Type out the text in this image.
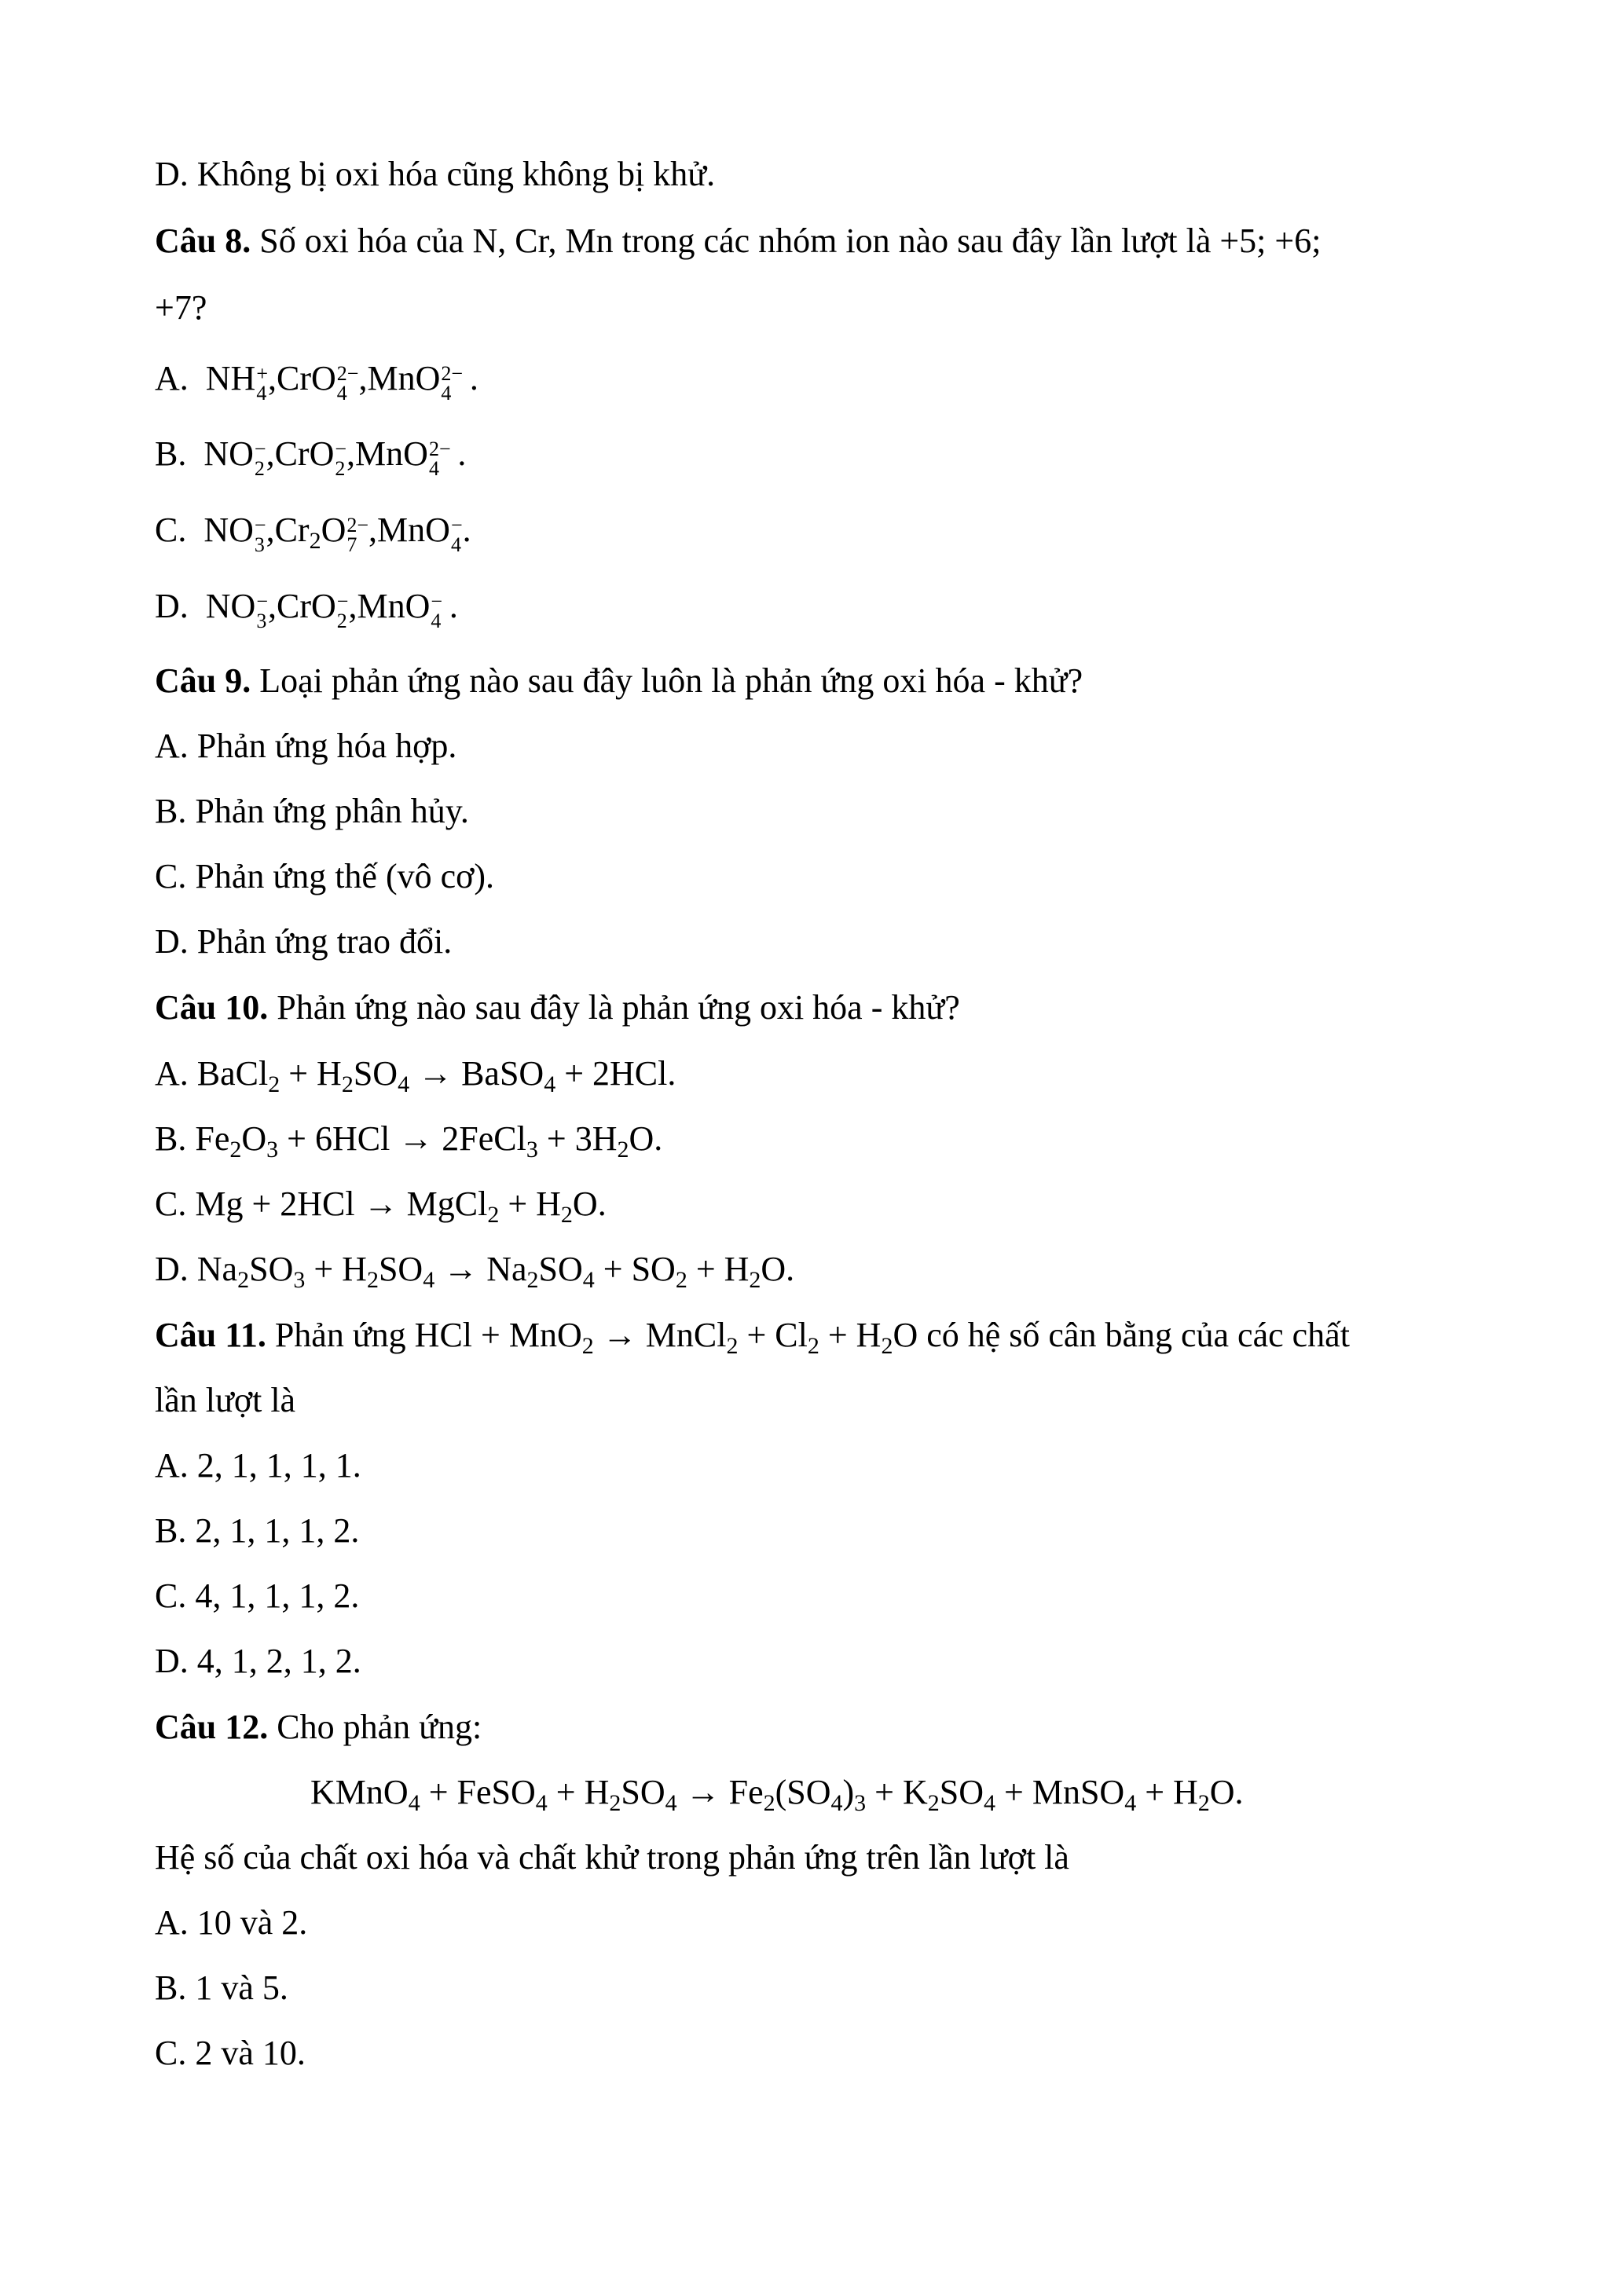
D. Không bị oxi hóa cũng không bị khử.
Câu 8. Số oxi hóa của N, Cr, Mn trong các nhóm ion nào sau đây lần lượt là +5; +6;
+7?
A.  NH +
4 ,CrO 2−
4 ,MnO 2−
4  .
B.  NO −
2 ,CrO −
2 ,MnO 2−
4  .
C.  NO −
3 $,Cr_2O$ 2−
7 ,MnO −
4 .
D.  NO −
3 ,CrO −
2 ,MnO −
4  .
Câu 9. Loại phản ứng nào sau đây luôn là phản ứng oxi hóa - khử?
A. Phản ứng hóa hợp.
B. Phản ứng phân hủy.
C. Phản ứng thế (vô cơ).
D. Phản ứng trao đổi.
Câu 10. Phản ứng nào sau đây là phản ứng oxi hóa - khử?
A. BaCl$_2$ + $H_2SO_4$ → BaSO$_4$ + 2HCl.
B. $Fe_2O_3 + 6HCl$ → 2FeCl$_3$ + $3H_2O$.
C. Mg + 2HCl → MgCl$_2$ + $H_2O$.
D. $Na_2SO_3 + H_2SO_4 \to Na_2SO_4 + SO_2 + H_2O$.
Câu 11. Phản ứng HCl + MnO$_2$ → MnCl$_2$ + $Cl_2 + H_2O$ có hệ số cân bằng của các chất
lần lượt là
A. 2, 1, 1, 1, 1.
B. 2, 1, 1, 1, 2.
C. 4, 1, 1, 1, 2.
D. 4, 1, 2, 1, 2.
Câu 12. Cho phản ứng:
KMnO$_4$ + FeSO$_4$ + $H_2SO_4 \to Fe_2(SO_4)_3 + K_2SO_4$ + MnSO$_4$ + $H_2O$.
Hệ số của chất oxi hóa và chất khử trong phản ứng trên lần lượt là
A. 10 và 2.
B. 1 và 5.
C. 2 và 10.
